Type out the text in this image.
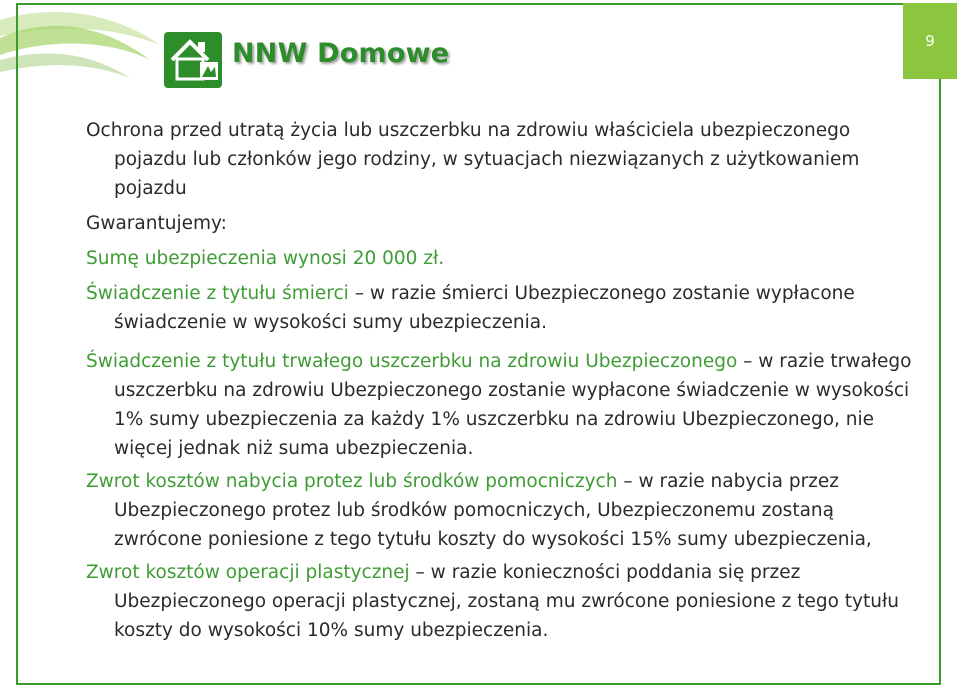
9
NNW Domowe

Ochrona przed utratą życia lub uszczerbku na zdrowiu właściciela ubezpieczonego pojazdu lub członków jego rodziny, w sytuacjach niezwiązanych z użytkowaniem pojazdu

Gwarantujemy:

Sumę ubezpieczenia wynosi 20 000 zł.

Świadczenie z tytułu śmierci – w razie śmierci Ubezpieczonego zostanie wypłacone świadczenie w wysokości sumy ubezpieczenia.

Świadczenie z tytułu trwałego uszczerbku na zdrowiu Ubezpieczonego – w razie trwałego uszczerbku na zdrowiu Ubezpieczonego zostanie wypłacone świadczenie w wysokości 1% sumy ubezpieczenia za każdy 1% uszczerbku na zdrowiu Ubezpieczonego, nie więcej jednak niż suma ubezpieczenia.

Zwrot kosztów nabycia protez lub środków pomocniczych – w razie nabycia przez Ubezpieczonego protez lub środków pomocniczych, Ubezpieczonemu zostaną zwrócone poniesione z tego tytułu koszty do wysokości 15% sumy ubezpieczenia,

Zwrot kosztów operacji plastycznej – w razie konieczności poddania się przez Ubezpieczonego operacji plastycznej, zostaną mu zwrócone poniesione z tego tytułu koszty do wysokości 10% sumy ubezpieczenia.
